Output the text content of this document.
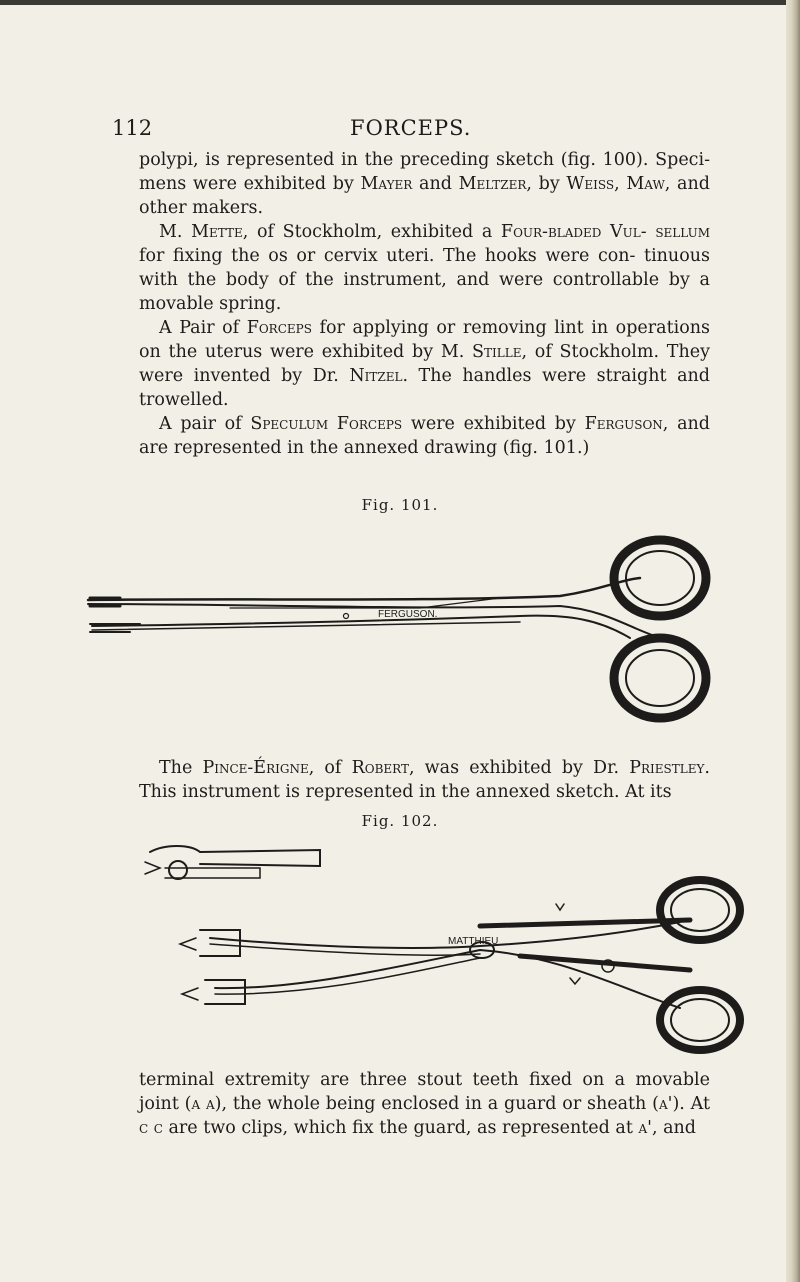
112	FORCEPS.

polypi, is represented in the preceding sketch (fig. 100). Speci- mens were exhibited by Mayer and Meltzer, by Weiss, Maw, and other makers.

M. Mette, of Stockholm, exhibited a Four-bladed Vul- sellum for fixing the os or cervix uteri. The hooks were con- tinuous with the body of the instrument, and were controllable by a movable spring.

A Pair of Forceps for applying or removing lint in operations on the uterus were exhibited by M. Stille, of Stockholm. They were invented by Dr. Nitzel. The handles were straight and trowelled.

A pair of Speculum Forceps were exhibited by Ferguson, and are represented in the annexed drawing (fig. 101.)

Fig. 101.
FERGUSON.

The Pince-Érigne, of Robert, was exhibited by Dr. Priestley. This instrument is represented in the annexed sketch. At its

Fig. 102.
MATTHIEU

terminal extremity are three stout teeth fixed on a movable joint (a a), the whole being enclosed in a guard or sheath (a'). At c c are two clips, which fix the guard, as represented at a', and
